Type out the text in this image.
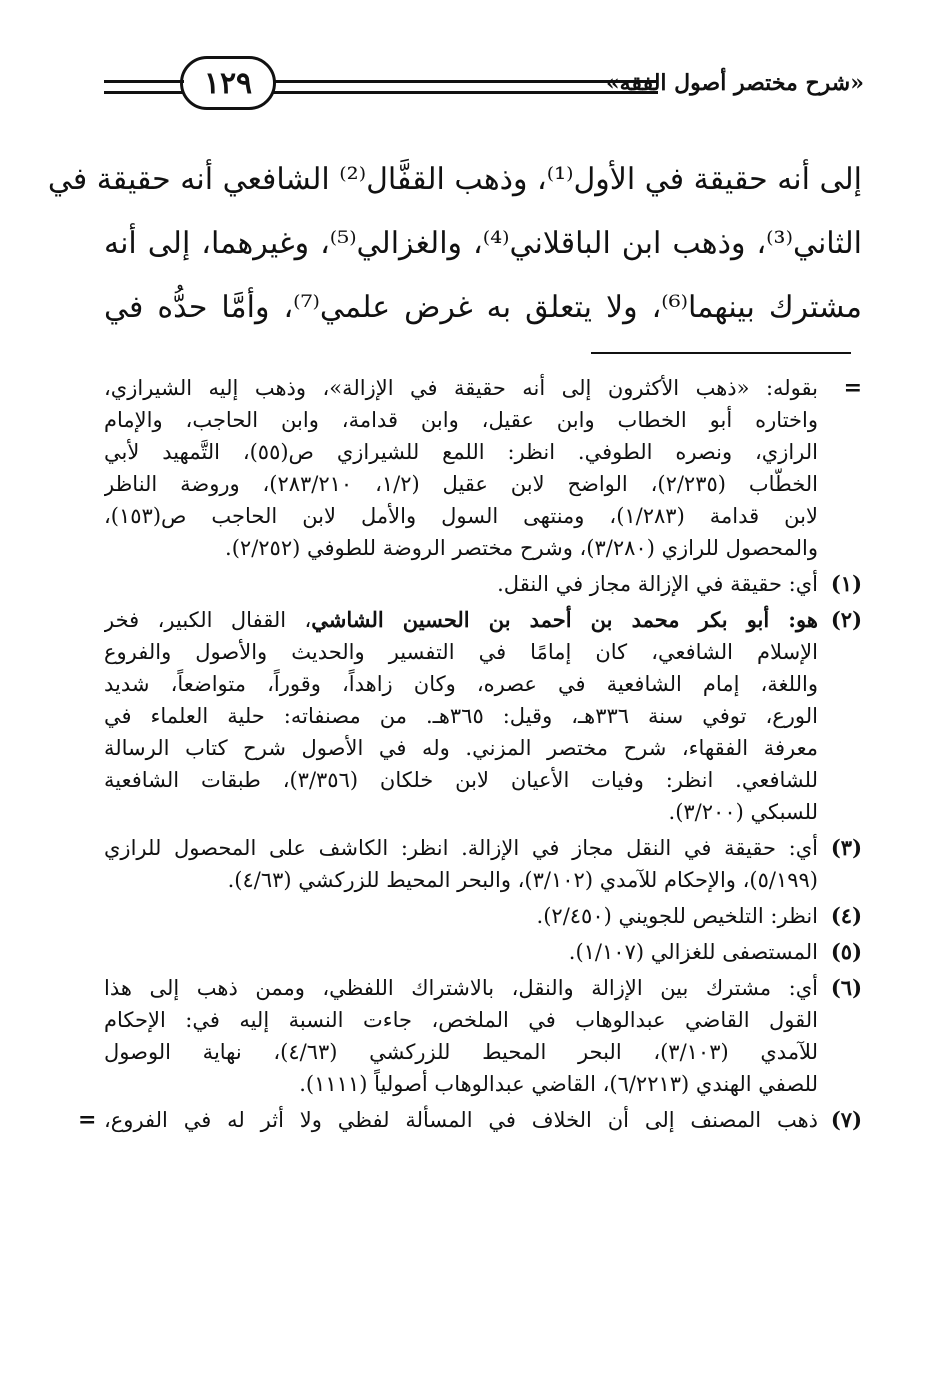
«شرح مختصر أصول الفقه»
١٢٩
إلى أنه حقيقة في الأول⁽¹⁾، وذهب القفَّال⁽²⁾ الشافعي أنه حقيقة في
الثاني⁽³⁾، وذهب ابن الباقلاني⁽⁴⁾، والغزالي⁽⁵⁾، وغيرهما، إلى أنه
مشترك بينهما⁽⁶⁾، ولا يتعلق به غرض علمي⁽⁷⁾، وأمَّا حدُّه في
=
بقوله: «ذهب الأكثرون إلى أنه حقيقة في الإزالة»، وذهب إليه الشيرازي،
واختاره أبو الخطاب وابن عقيل، وابن قدامة، وابن الحاجب، والإمام
الرازي، ونصره الطوفي. انظر: اللمع للشيرازي ص(٥٥)، التَّمهيد لأبي
الخطَّاب (٢/٢٣٥)، الواضح لابن عقيل (١/٢، ٢٨٣/٢١٠)، وروضة الناظر
لابن قدامة (١/٢٨٣)، ومنتهى السول والأمل لابن الحاجب ص(١٥٣)،
والمحصول للرازي (٣/٢٨٠)، وشرح مختصر الروضة للطوفي (٢/٢٥٢).
(١)
أي: حقيقة في الإزالة مجاز في النقل.
(٢)
هو: أبو بكر محمد بن أحمد بن الحسين الشاشي، القفال الكبير، فخر
الإسلام الشافعي، كان إمامًا في التفسير والحديث والأصول والفروع
واللغة، إمام الشافعية في عصره، وكان زاهداً، وقوراً، متواضعاً، شديد
الورع، توفي سنة ٣٣٦هـ، وقيل: ٣٦٥هـ. من مصنفاته: حلية العلماء في
معرفة الفقهاء، شرح مختصر المزني. وله في الأصول شرح كتاب الرسالة
للشافعي. انظر: وفيات الأعيان لابن خلكان (٣/٣٥٦)، طبقات الشافعية
للسبكي (٣/٢٠٠).
(٣)
أي: حقيقة في النقل مجاز في الإزالة. انظر: الكاشف على المحصول للرازي
(٥/١٩٩)، والإحكام للآمدي (٣/١٠٢)، والبحر المحيط للزركشي (٤/٦٣).
(٤)
انظر: التلخيص للجويني (٢/٤٥٠).
(٥)
المستصفى للغزالي (١/١٠٧).
(٦)
أي: مشترك بين الإزالة والنقل، بالاشتراك اللفظي، وممن ذهب إلى هذا
القول القاضي عبدالوهاب في الملخص، جاءت النسبة إليه في: الإحكام
للآمدي (٣/١٠٣)، البحر المحيط للزركشي (٤/٦٣)، نهاية الوصول
للصفي الهندي (٦/٢٢١٣)، القاضي عبدالوهاب أصولياً (١١١١).
(٧)
ذهب المصنف إلى أن الخلاف في المسألة لفظي ولا أثر له في الفروع،
=
